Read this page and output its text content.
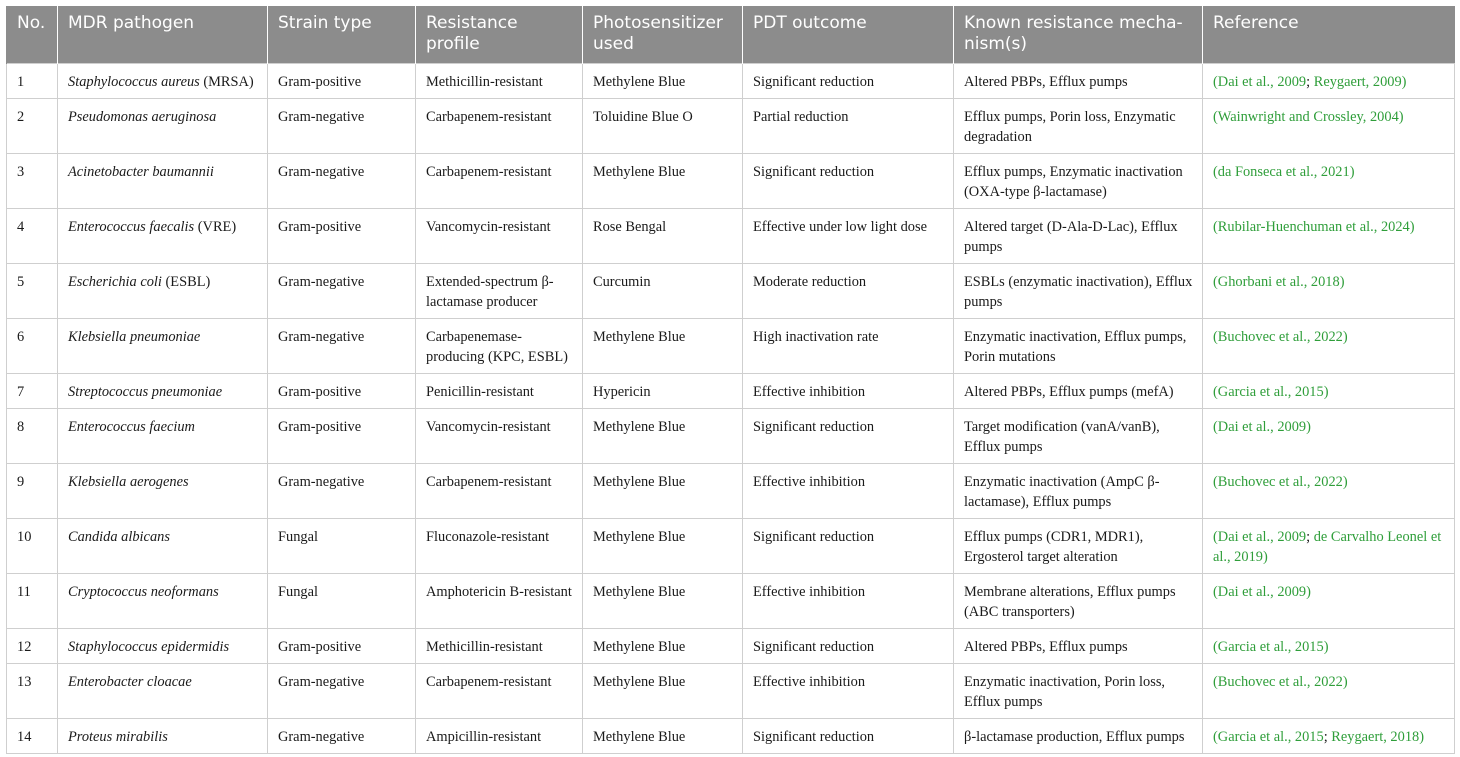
No.	MDR pathogen	Strain type	Resistance profile	Photosensitizer used	PDT outcome	Known resistance mecha-nism(s)	Reference
1	Staphylococcus aureus (MRSA)	Gram-positive	Methicillin-resistant	Methylene Blue	Significant reduction	Altered PBPs, Efflux pumps	(Dai et al., 2009; Reygaert, 2009)
2	Pseudomonas aeruginosa	Gram-negative	Carbapenem-resistant	Toluidine Blue O	Partial reduction	Efflux pumps, Porin loss, Enzymatic degradation	(Wainwright and Crossley, 2004)
3	Acinetobacter baumannii	Gram-negative	Carbapenem-resistant	Methylene Blue	Significant reduction	Efflux pumps, Enzymatic inactivation (OXA-type β-lactamase)	(da Fonseca et al., 2021)
4	Enterococcus faecalis (VRE)	Gram-positive	Vancomycin-resistant	Rose Bengal	Effective under low light dose	Altered target (D-Ala-D-Lac), Efflux pumps	(Rubilar-Huenchuman et al., 2024)
5	Escherichia coli (ESBL)	Gram-negative	Extended-spectrum β-lactamase producer	Curcumin	Moderate reduction	ESBLs (enzymatic inactivation), Efflux pumps	(Ghorbani et al., 2018)
6	Klebsiella pneumoniae	Gram-negative	Carbapenemase-producing (KPC, ESBL)	Methylene Blue	High inactivation rate	Enzymatic inactivation, Efflux pumps, Porin mutations	(Buchovec et al., 2022)
7	Streptococcus pneumoniae	Gram-positive	Penicillin-resistant	Hypericin	Effective inhibition	Altered PBPs, Efflux pumps (mefA)	(Garcia et al., 2015)
8	Enterococcus faecium	Gram-positive	Vancomycin-resistant	Methylene Blue	Significant reduction	Target modification (vanA/vanB), Efflux pumps	(Dai et al., 2009)
9	Klebsiella aerogenes	Gram-negative	Carbapenem-resistant	Methylene Blue	Effective inhibition	Enzymatic inactivation (AmpC β-lactamase), Efflux pumps	(Buchovec et al., 2022)
10	Candida albicans	Fungal	Fluconazole-resistant	Methylene Blue	Significant reduction	Efflux pumps (CDR1, MDR1), Ergosterol target alteration	(Dai et al., 2009; de Carvalho Leonel et al., 2019)
11	Cryptococcus neoformans	Fungal	Amphotericin B-resistant	Methylene Blue	Effective inhibition	Membrane alterations, Efflux pumps (ABC transporters)	(Dai et al., 2009)
12	Staphylococcus epidermidis	Gram-positive	Methicillin-resistant	Methylene Blue	Significant reduction	Altered PBPs, Efflux pumps	(Garcia et al., 2015)
13	Enterobacter cloacae	Gram-negative	Carbapenem-resistant	Methylene Blue	Effective inhibition	Enzymatic inactivation, Porin loss, Efflux pumps	(Buchovec et al., 2022)
14	Proteus mirabilis	Gram-negative	Ampicillin-resistant	Methylene Blue	Significant reduction	β-lactamase production, Efflux pumps	(Garcia et al., 2015; Reygaert, 2018)
